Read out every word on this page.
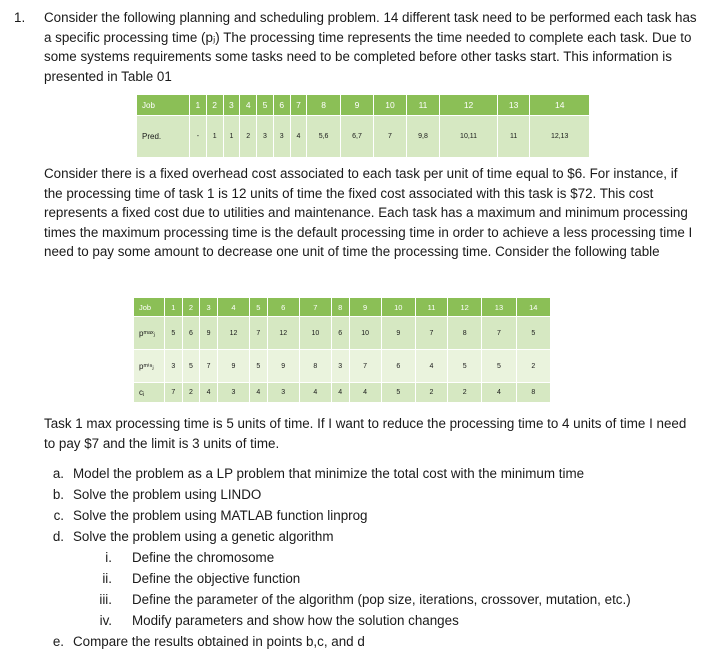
1. Consider the following planning and scheduling problem. 14 different task need to be performed each task has a specific processing time (pⱼ) The processing time represents the time needed to complete each task. Due to some systems requirements some tasks need to be completed before other tasks start. This information is presented in Table 01
Job	1	2	3	4	5	6	7	8	9	10	11	12	13	14
Pred.	-	1	1	2	3	3	4	5,6	6,7	7	9,8	10,11	11	12,13
Consider there is a fixed overhead cost associated to each task per unit of time equal to $6. For instance, if the processing time of task 1 is 12 units of time the fixed cost associated with this task is $72. This cost represents a fixed cost due to utilities and maintenance. Each task has a maximum and minimum processing times the maximum processing time is the default processing time in order to achieve a less processing time I need to pay some amount to decrease one unit of time the processing time. Consider the following table
Job	1	2	3	4	5	6	7	8	9	10	11	12	13	14
pᵐᵃˣⱼ	5	6	9	12	7	12	10	6	10	9	7	8	7	5
pᵐⁱⁿⱼ	3	5	7	9	5	9	8	3	7	6	4	5	5	2
cⱼ	7	2	4	3	4	3	4	4	4	5	2	2	4	8
Task 1 max processing time is 5 units of time. If I want to reduce the processing time to 4 units of time I need to pay $7 and the limit is 3 units of time.
a. Model the problem as a LP problem that minimize the total cost with the minimum time
b. Solve the problem using LINDO
c. Solve the problem using MATLAB function linprog
d. Solve the problem using a genetic algorithm
i. Define the chromosome
ii. Define the objective function
iii. Define the parameter of the algorithm (pop size, iterations, crossover, mutation, etc.)
iv. Modify parameters and show how the solution changes
e. Compare the results obtained in points b,c, and d
